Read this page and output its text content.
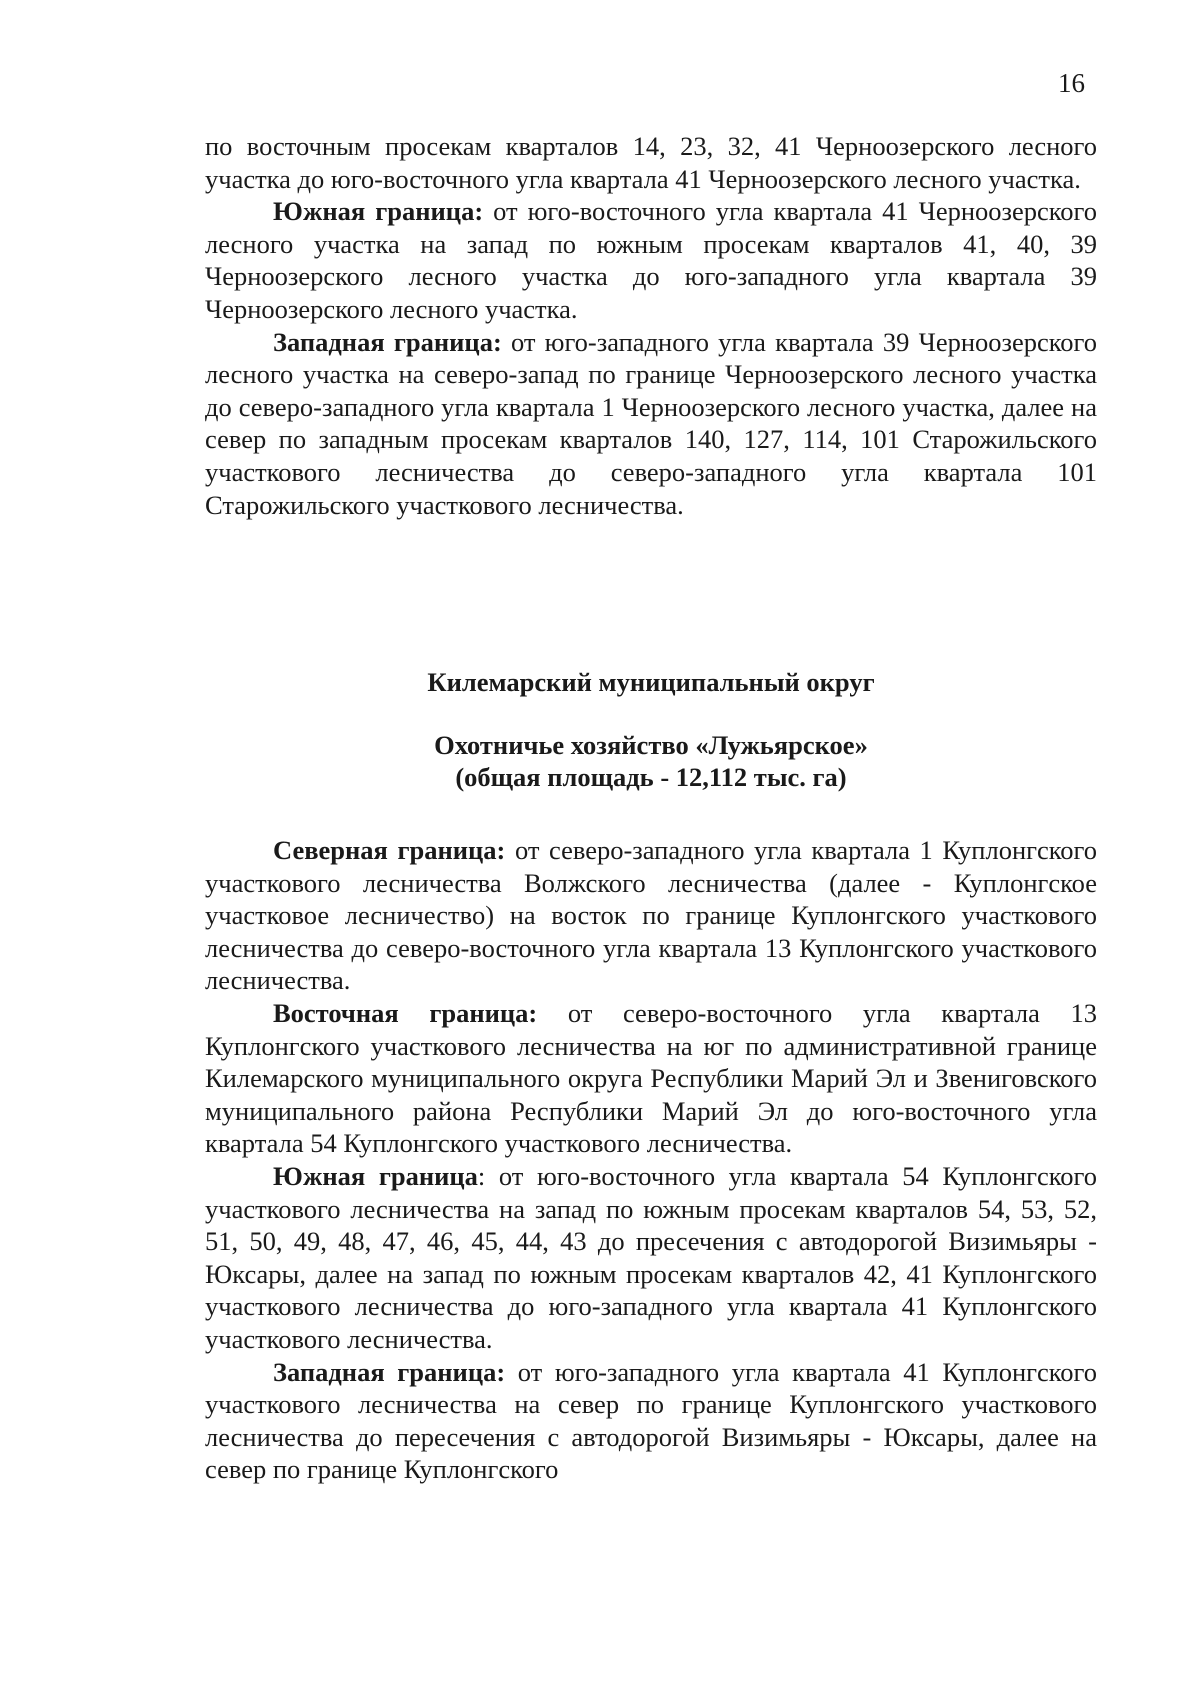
16

по восточным просекам кварталов 14, 23, 32, 41 Черноозерского лесного участка до юго-восточного угла квартала 41 Черноозерского лесного участка.

Южная граница: от юго-восточного угла квартала 41 Черноозерского лесного участка на запад по южным просекам кварталов 41, 40, 39 Черноозерского лесного участка до юго-западного угла квартала 39 Черноозерского лесного участка.

Западная граница: от юго-западного угла квартала 39 Черноозерского лесного участка на северо-запад по границе Черноозерского лесного участка до северо-западного угла квартала 1 Черноозерского лесного участка, далее на север по западным просекам кварталов 140, 127, 114, 101 Старожильского участкового лесничества до северо-западного угла квартала 101 Старожильского участкового лесничества.

Килемарский муниципальный округ
Охотничье хозяйство «Лужьярское»
(общая площадь - 12,112 тыс. га)

Северная граница: от северо-западного угла квартала 1 Куплонгского участкового лесничества Волжского лесничества (далее - Куплонгское участковое лесничество) на восток по границе Куплонгского участкового лесничества до северо-восточного угла квартала 13 Куплонгского участкового лесничества.

Восточная граница: от северо-восточного угла квартала 13 Куплонгского участкового лесничества на юг по административной границе Килемарского муниципального округа Республики Марий Эл и Звениговского муниципального района Республики Марий Эл до юго-восточного угла квартала 54 Куплонгского участкового лесничества.

Южная граница: от юго-восточного угла квартала 54 Куплонгского участкового лесничества на запад по южным просекам кварталов 54, 53, 52, 51, 50, 49, 48, 47, 46, 45, 44, 43 до пресечения с автодорогой Визимьяры - Юксары, далее на запад по южным просекам кварталов 42, 41 Куплонгского участкового лесничества до юго-западного угла квартала 41 Куплонгского участкового лесничества.

Западная граница: от юго-западного угла квартала 41 Куплонгского участкового лесничества на север по границе Куплонгского участкового лесничества до пересечения с автодорогой Визимьяры - Юксары, далее на север по границе Куплонгского
